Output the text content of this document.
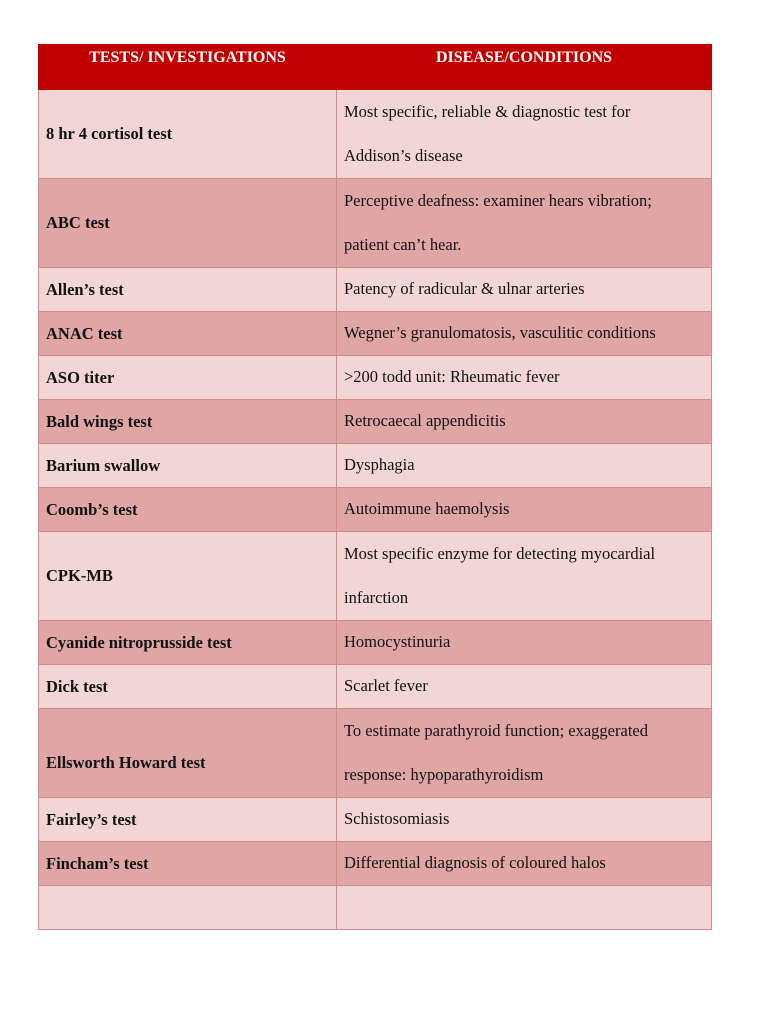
TESTS/ INVESTIGATIONS	DISEASE/CONDITIONS
8 hr 4 cortisol test	Most specific, reliable & diagnostic test for
Addison’s disease

ABC test	Perceptive deafness: examiner hears vibration;
patient can’t hear.

Allen’s test	Patency of radicular & ulnar arteries
ANAC test	Wegner’s granulomatosis, vasculitic conditions
ASO titer	>200 todd unit: Rheumatic fever
Bald wings test	Retrocaecal appendicitis
Barium swallow	Dysphagia
Coomb’s test	Autoimmune haemolysis
CPK-MB	Most specific enzyme for detecting myocardial
infarction

Cyanide nitroprusside test	Homocystinuria
Dick test	Scarlet fever
Ellsworth Howard test	To estimate parathyroid function; exaggerated
response: hypoparathyroidism

Fairley’s test	Schistosomiasis
Fincham’s test	Differential diagnosis of coloured halos
